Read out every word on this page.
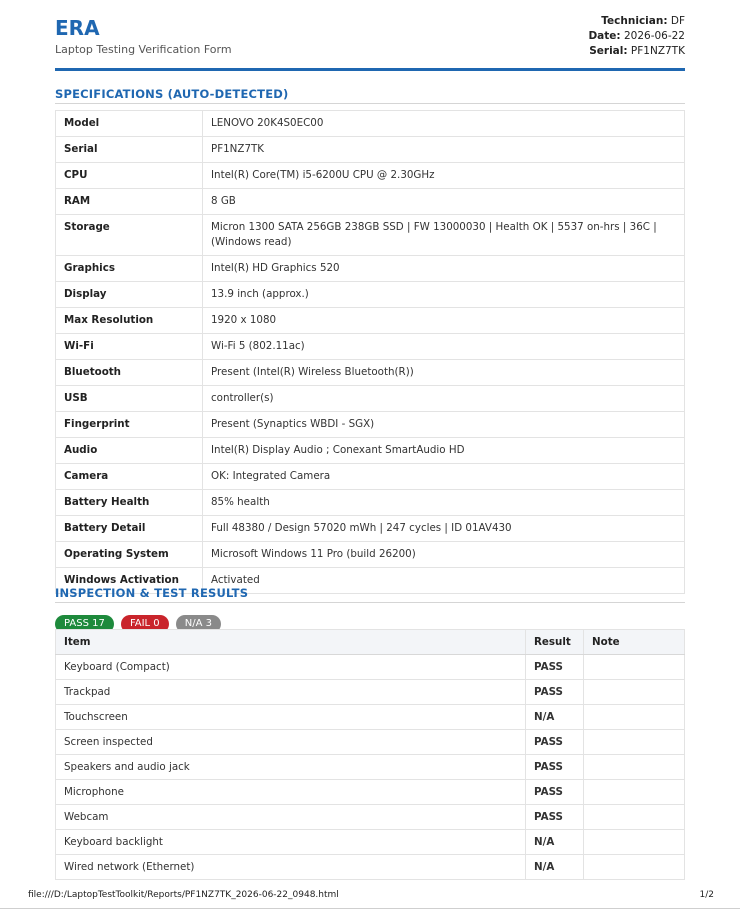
ERA
Laptop Testing Verification Form
Technician: DF
Date: 2026-06-22
Serial: PF1NZ7TK
SPECIFICATIONS (AUTO-DETECTED)
Model	LENOVO 20K4S0EC00
Serial	PF1NZ7TK
CPU	Intel(R) Core(TM) i5-6200U CPU @ 2.30GHz
RAM	8 GB
Storage	Micron 1300 SATA 256GB 238GB SSD | FW 13000030 | Health OK | 5537 on-hrs | 36C | (Windows read)
Graphics	Intel(R) HD Graphics 520
Display	13.9 inch (approx.)
Max Resolution	1920 x 1080
Wi-Fi	Wi-Fi 5 (802.11ac)
Bluetooth	Present (Intel(R) Wireless Bluetooth(R))
USB	controller(s)
Fingerprint	Present (Synaptics WBDI - SGX)
Audio	Intel(R) Display Audio ; Conexant SmartAudio HD
Camera	OK: Integrated Camera
Battery Health	85% health
Battery Detail	Full 48380 / Design 57020 mWh | 247 cycles | ID 01AV430
Operating System	Microsoft Windows 11 Pro (build 26200)
Windows Activation	Activated
INSPECTION & TEST RESULTS
PASS 17	FAIL 0	N/A 3
Item	Result	Note
Keyboard (Compact)	PASS	
Trackpad	PASS	
Touchscreen	N/A	
Screen inspected	PASS	
Speakers and audio jack	PASS	
Microphone	PASS	
Webcam	PASS	
Keyboard backlight	N/A	
Wired network (Ethernet)	N/A	
file:///D:/LaptopTestToolkit/Reports/PF1NZ7TK_2026-06-22_0948.html	1/2
